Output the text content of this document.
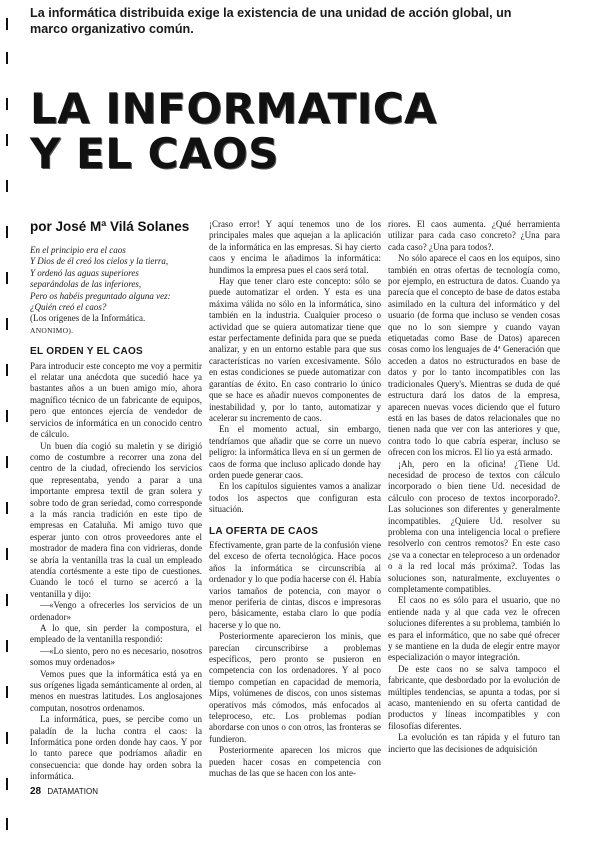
La informática distribuida exige la existencia de una unidad de acción global, un marco organizativo común.
LA INFORMATICA
Y EL CAOS
por José Mª Vilá Solanes
En el principio era el caos
Y Dios de él creó los cielos y la tierra,
Y ordenó las aguas superiores
separándolas de las inferiores,
Pero os habéis preguntado alguna vez:
¿Quién creó el caos?
(Los orígenes de la Informática.
ANONIMO).
EL ORDEN Y EL CAOS

Para introducir este concepto me voy a permitir el relatar una anécdota que sucedió hace ya bastantes años a un buen amigo mío, ahora magnífico técnico de un fabricante de equipos, pero que entonces ejercía de vendedor de servicios de informática en un conocido centro de cálculo.

Un buen día cogió su maletín y se dirigió como de costumbre a recorrer una zona del centro de la ciudad, ofreciendo los servicios que representaba, yendo a parar a una importante empresa textil de gran solera y sobre todo de gran seriedad, como corresponde a la más rancia tradición en este tipo de empresas en Cataluña. Mi amigo tuvo que esperar junto con otros proveedores ante el mostrador de madera fina con vidrieras, donde se abría la ventanilla tras la cual un empleado atendía cortésmente a este tipo de cuestiones. Cuando le tocó el turno se acercó a la ventanilla y dijo:

—«Vengo a ofrecerles los servicios de un ordenador»

A lo que, sin perder la compostura, el empleado de la ventanilla respondió:

—«Lo siento, pero no es necesario, nosotros somos muy ordenados»

Vemos pues que la informática está ya en sus orígenes ligada semánticamente al orden, al menos en nuestras latitudes. Los anglosajones computan, nosotros ordenamos.

La informática, pues, se percibe como un paladín de la lucha contra el caos: la Informática pone orden donde hay caos. Y por lo tanto parece que podríamos añadir en consecuencia: que donde hay orden sobra la informática.

¡Craso error! Y aquí tenemos uno de los principales males que aquejan a la aplicación de la informática en las empresas. Si hay cierto caos y encima le añadimos la informática: hundimos la empresa pues el caos será total.

Hay que tener claro este concepto: sólo se puede automatizar el orden. Y esta es una máxima válida no sólo en la informática, sino también en la industria. Cualquier proceso o actividad que se quiera automatizar tiene que estar perfectamente definida para que se pueda analizar, y en un entorno estable para que sus características no varíen excesivamente. Sólo en estas condiciones se puede automatizar con garantías de éxito. En caso contrario lo único que se hace es añadir nuevos componentes de inestabilidad y, por lo tanto, automatizar y acelerar su incremento de caos.

En el momento actual, sin embargo, tendríamos que añadir que se corre un nuevo peligro: la informática lleva en sí un germen de caos de forma que incluso aplicado donde hay orden puede generar caos.

En los capítulos siguientes vamos a analizar todos los aspectos que configuran esta situación.

LA OFERTA DE CAOS

Efectivamente, gran parte de la confusión viene del exceso de oferta tecnológica. Hace pocos años la informática se circunscribía al ordenador y lo que podía hacerse con él. Había varios tamaños de potencia, con mayor o menor periferia de cintas, discos e impresoras pero, básicamente, estaba claro lo que podía hacerse y lo que no.

Posteriormente aparecieron los minis, que parecían circunscribirse a problemas específicos, pero pronto se pusieron en competencia con los ordenadores. Y al poco tiempo competían en capacidad de memoria, Mips, volúmenes de discos, con unos sistemas operativos más cómodos, más enfocados al teleproceso, etc. Los problemas podían abordarse con unos o con otros, las fronteras se fundieron.

Posteriormente aparecen los micros que pueden hacer cosas en competencia con muchas de las que se hacen con los ante-

riores. El caos aumenta. ¿Qué herramienta utilizar para cada caso concreto? ¿Una para cada caso? ¿Una para todos?.

No sólo aparece el caos en los equipos, sino también en otras ofertas de tecnología como, por ejemplo, en estructura de datos. Cuando ya parecía que el concepto de base de datos estaba asimilado en la cultura del informático y del usuario (de forma que incluso se venden cosas que no lo son siempre y cuando vayan etiquetadas como Base de Datos) aparecen cosas como los lenguajes de 4ª Generación que acceden a datos no estructurados en base de datos y por lo tanto incompatibles con las tradicionales Query's. Mientras se duda de qué estructura dará los datos de la empresa, aparecen nuevas voces diciendo que el futuro está en las bases de datos relacionales que no tienen nada que ver con las anteriores y que, contra todo lo que cabría esperar, incluso se ofrecen con los micros. El lío ya está armado.

¡Ah, pero en la oficina! ¿Tiene Ud. necesidad de proceso de textos con cálculo incorporado o bien tiene Ud. necesidad de cálculo con proceso de textos incorporado?. Las soluciones son diferentes y generalmente incompatibles. ¿Quiere Ud. resolver su problema con una inteligencia local o prefiere resolverlo con centros remotos? En este caso ¿se va a conectar en teleproceso a un ordenador o a la red local más próxima?. Todas las soluciones son, naturalmente, excluyentes o completamente compatibles.

El caos no es sólo para el usuario, que no entiende nada y al que cada vez le ofrecen soluciones diferentes a su problema, también lo es para el informático, que no sabe qué ofrecer y se mantiene en la duda de elegir entre mayor especialización o mayor integración.

De este caos no se salva tampoco el fabricante, que desbordado por la evolución de múltiples tendencias, se apunta a todas, por si acaso, manteniendo en su oferta cantidad de productos y líneas incompatibles y con filosofías diferentes.

La evolución es tan rápida y el futuro tan incierto que las decisiones de adquisición

28 DATAMATION
